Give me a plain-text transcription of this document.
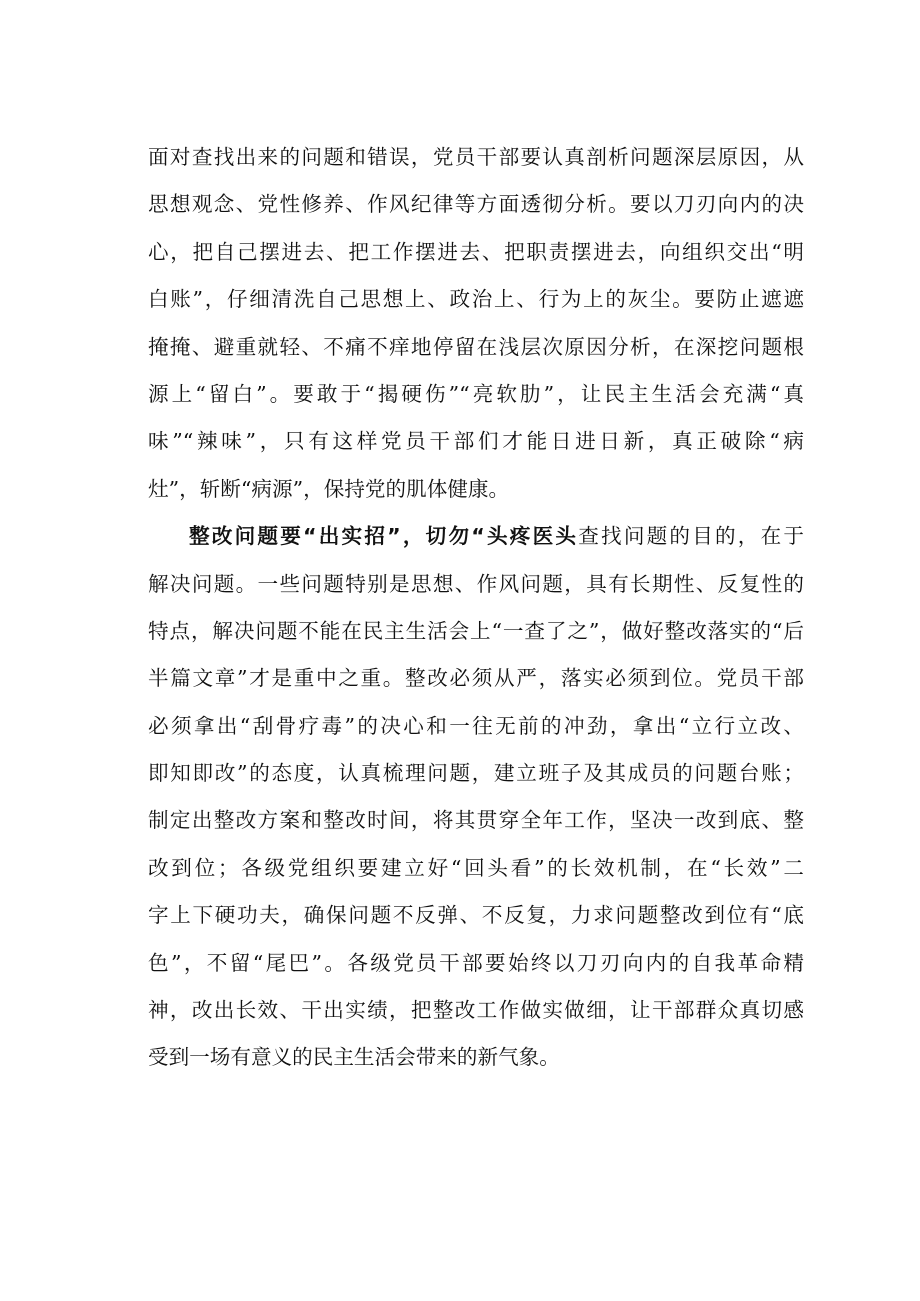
面对查找出来的问题和错误，党员干部要认真剖析问题深层原因，从
思想观念、党性修养、作风纪律等方面透彻分析。要以刀刃向内的决
心，把自己摆进去、把工作摆进去、把职责摆进去，向组织交出“明
白账”，仔细清洗自己思想上、政治上、行为上的灰尘。要防止遮遮
掩掩、避重就轻、不痛不痒地停留在浅层次原因分析，在深挖问题根
源上“留白”。要敢于“揭硬伤”“亮软肋”，让民主生活会充满“真
味”“辣味”，只有这样党员干部们才能日进日新，真正破除“病
灶”，斩断“病源”，保持党的肌体健康。
整改问题要“出实招”，切勿“头疼医头查找问题的目的，在于
解决问题。一些问题特别是思想、作风问题，具有长期性、反复性的
特点，解决问题不能在民主生活会上“一查了之”，做好整改落实的“后
半篇文章”才是重中之重。整改必须从严，落实必须到位。党员干部
必须拿出“刮骨疗毒”的决心和一往无前的冲劲，拿出“立行立改、
即知即改”的态度，认真梳理问题，建立班子及其成员的问题台账；
制定出整改方案和整改时间，将其贯穿全年工作，坚决一改到底、整
改到位；各级党组织要建立好“回头看”的长效机制，在“长效”二
字上下硬功夫，确保问题不反弹、不反复，力求问题整改到位有“底
色”，不留“尾巴”。各级党员干部要始终以刀刃向内的自我革命精
神，改出长效、干出实绩，把整改工作做实做细，让干部群众真切感
受到一场有意义的民主生活会带来的新气象。
